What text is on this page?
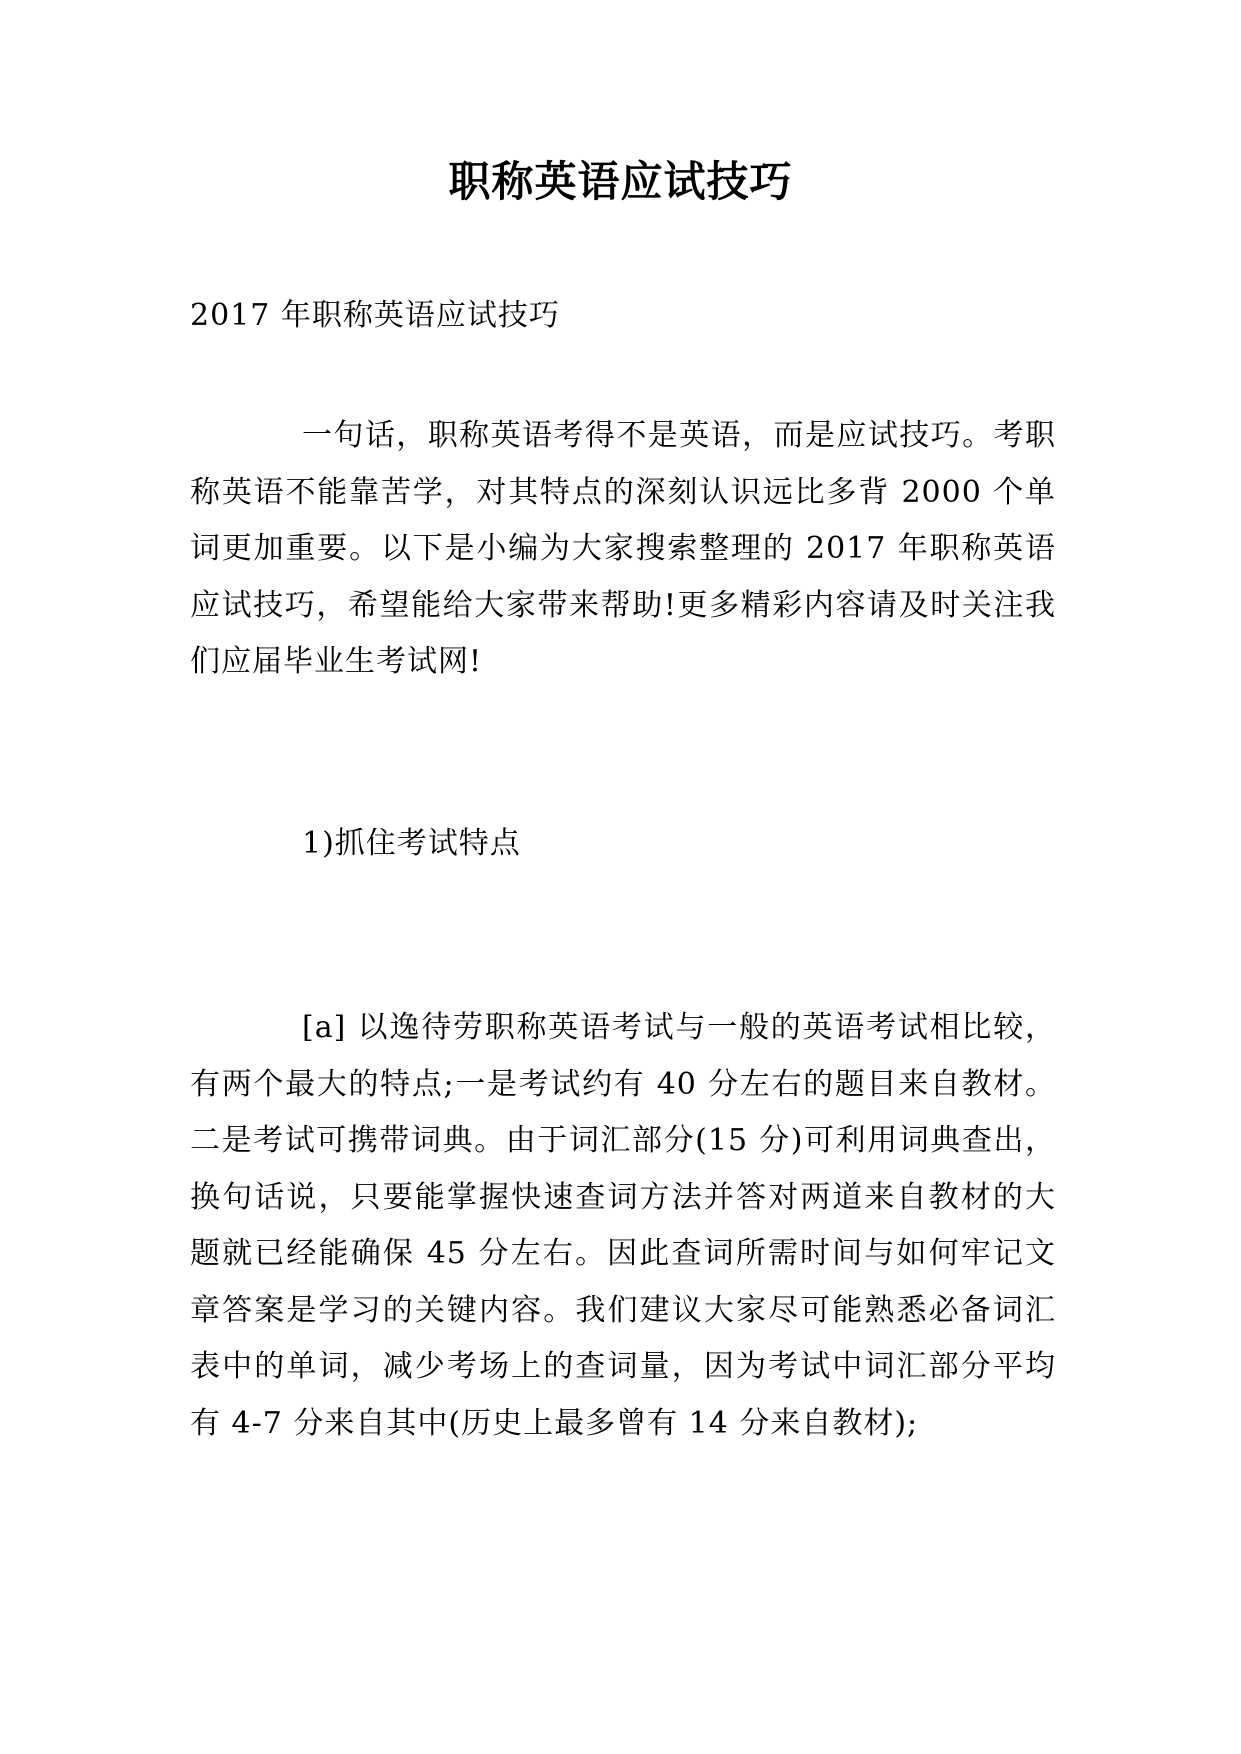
职称英语应试技巧

2017 年职称英语应试技巧

一句话，职称英语考得不是英语，而是应试技巧。考职称英语不能靠苦学，对其特点的深刻认识远比多背 2000 个单词更加重要。以下是小编为大家搜索整理的 2017 年职称英语应试技巧，希望能给大家带来帮助!更多精彩内容请及时关注我们应届毕业生考试网!

1)抓住考试特点

[a] 以逸待劳职称英语考试与一般的英语考试相比较，有两个最大的特点;一是考试约有 40 分左右的题目来自教材。二是考试可携带词典。由于词汇部分(15 分)可利用词典查出，换句话说，只要能掌握快速查词方法并答对两道来自教材的大题就已经能确保 45 分左右。因此查词所需时间与如何牢记文章答案是学习的关键内容。我们建议大家尽可能熟悉必备词汇表中的单词，减少考场上的查词量，因为考试中词汇部分平均有 4-7 分来自其中(历史上最多曾有 14 分来自教材);
